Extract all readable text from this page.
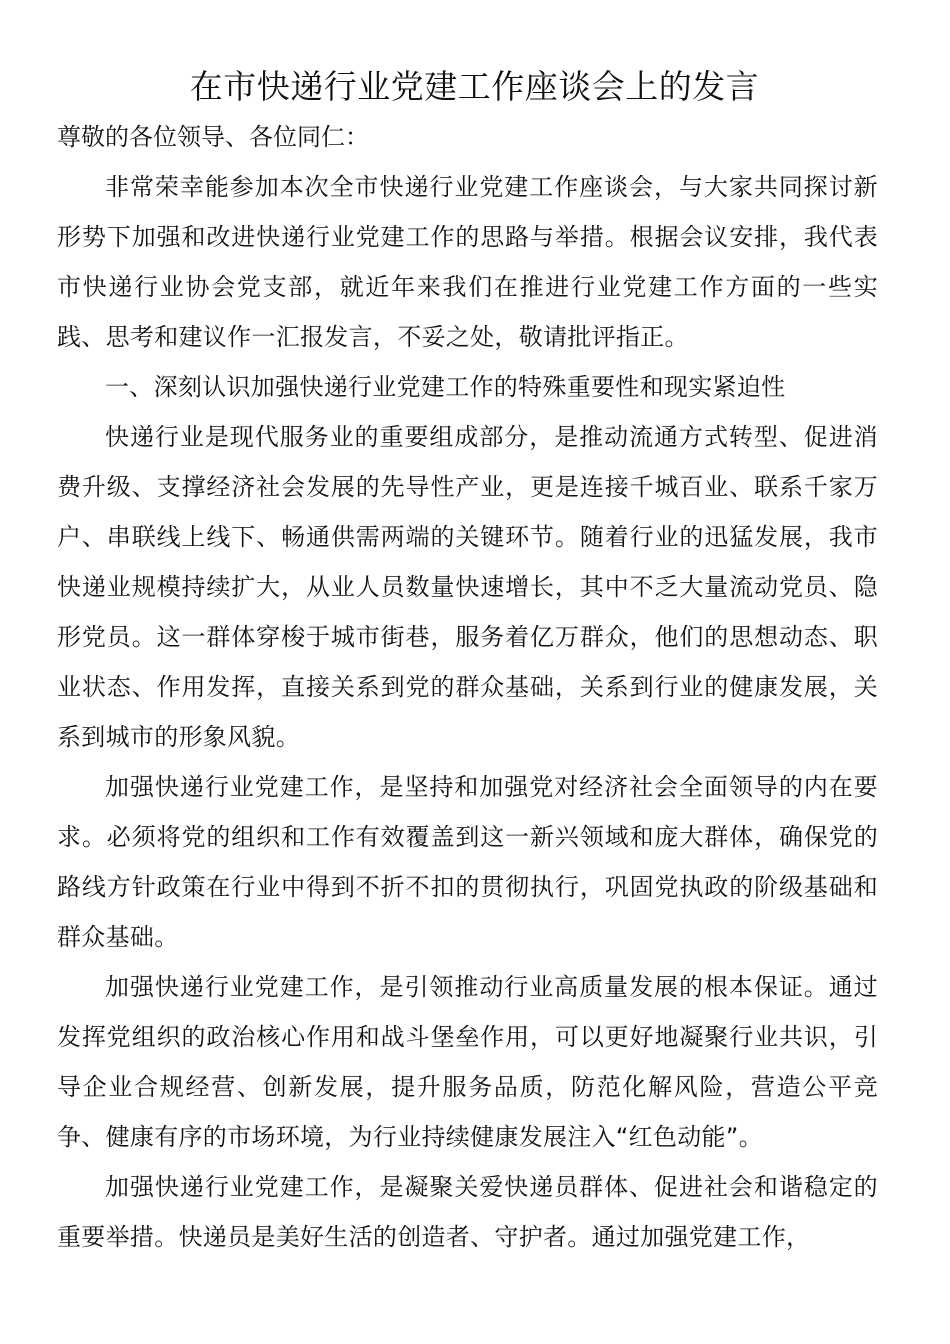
在市快递行业党建工作座谈会上的发言

尊敬的各位领导、各位同仁：

非常荣幸能参加本次全市快递行业党建工作座谈会，与大家共同探讨新形势下加强和改进快递行业党建工作的思路与举措。根据会议安排，我代表市快递行业协会党支部，就近年来我们在推进行业党建工作方面的一些实践、思考和建议作一汇报发言，不妥之处，敬请批评指正。

一、深刻认识加强快递行业党建工作的特殊重要性和现实紧迫性

快递行业是现代服务业的重要组成部分，是推动流通方式转型、促进消费升级、支撑经济社会发展的先导性产业，更是连接千城百业、联系千家万户、串联线上线下、畅通供需两端的关键环节。随着行业的迅猛发展，我市快递业规模持续扩大，从业人员数量快速增长，其中不乏大量流动党员、隐形党员。这一群体穿梭于城市街巷，服务着亿万群众，他们的思想动态、职业状态、作用发挥，直接关系到党的群众基础，关系到行业的健康发展，关系到城市的形象风貌。

加强快递行业党建工作，是坚持和加强党对经济社会全面领导的内在要求。必须将党的组织和工作有效覆盖到这一新兴领域和庞大群体，确保党的路线方针政策在行业中得到不折不扣的贯彻执行，巩固党执政的阶级基础和群众基础。

加强快递行业党建工作，是引领推动行业高质量发展的根本保证。通过发挥党组织的政治核心作用和战斗堡垒作用，可以更好地凝聚行业共识，引导企业合规经营、创新发展，提升服务品质，防范化解风险，营造公平竞争、健康有序的市场环境，为行业持续健康发展注入“红色动能”。

加强快递行业党建工作，是凝聚关爱快递员群体、促进社会和谐稳定的重要举措。快递员是美好生活的创造者、守护者。通过加强党建工作，
